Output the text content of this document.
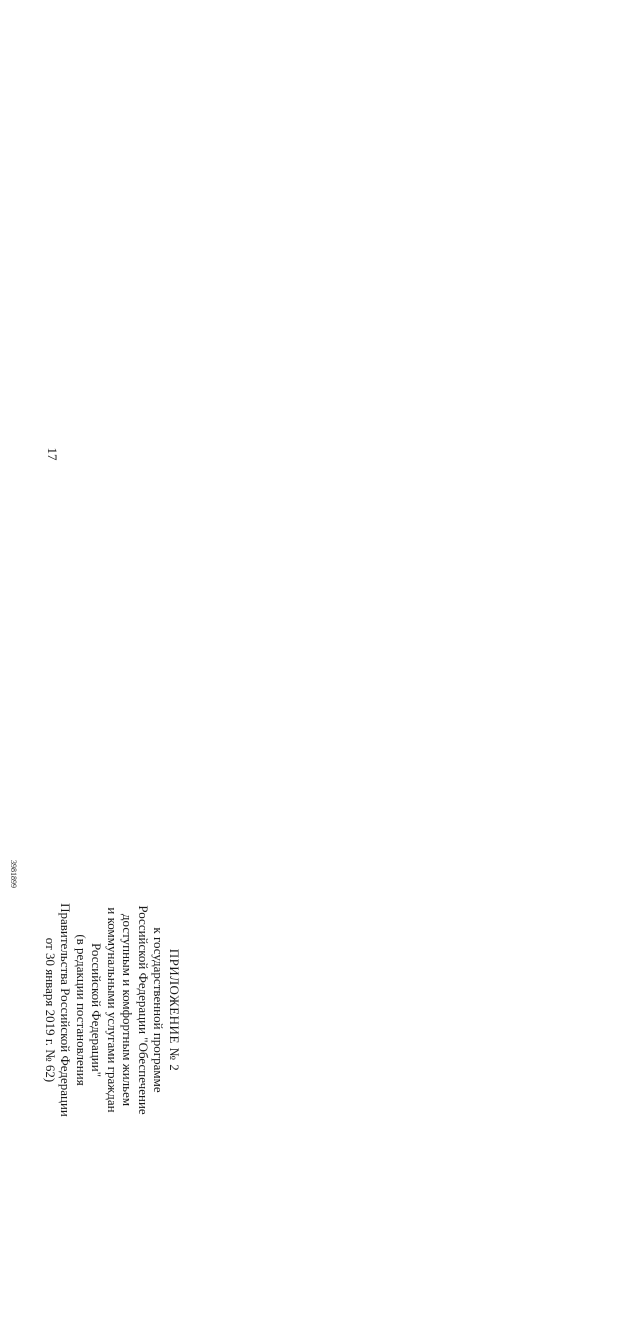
17
ПРИЛОЖЕНИЕ № 2
к государственной программе
Российской Федерации "Обеспечение
доступным и комфортным жильем
и коммунальными услугами граждан
Российской Федерации"
(в редакции постановления
Правительства Российской Федерации
от 30 января 2019 г. № 62)

3981899
